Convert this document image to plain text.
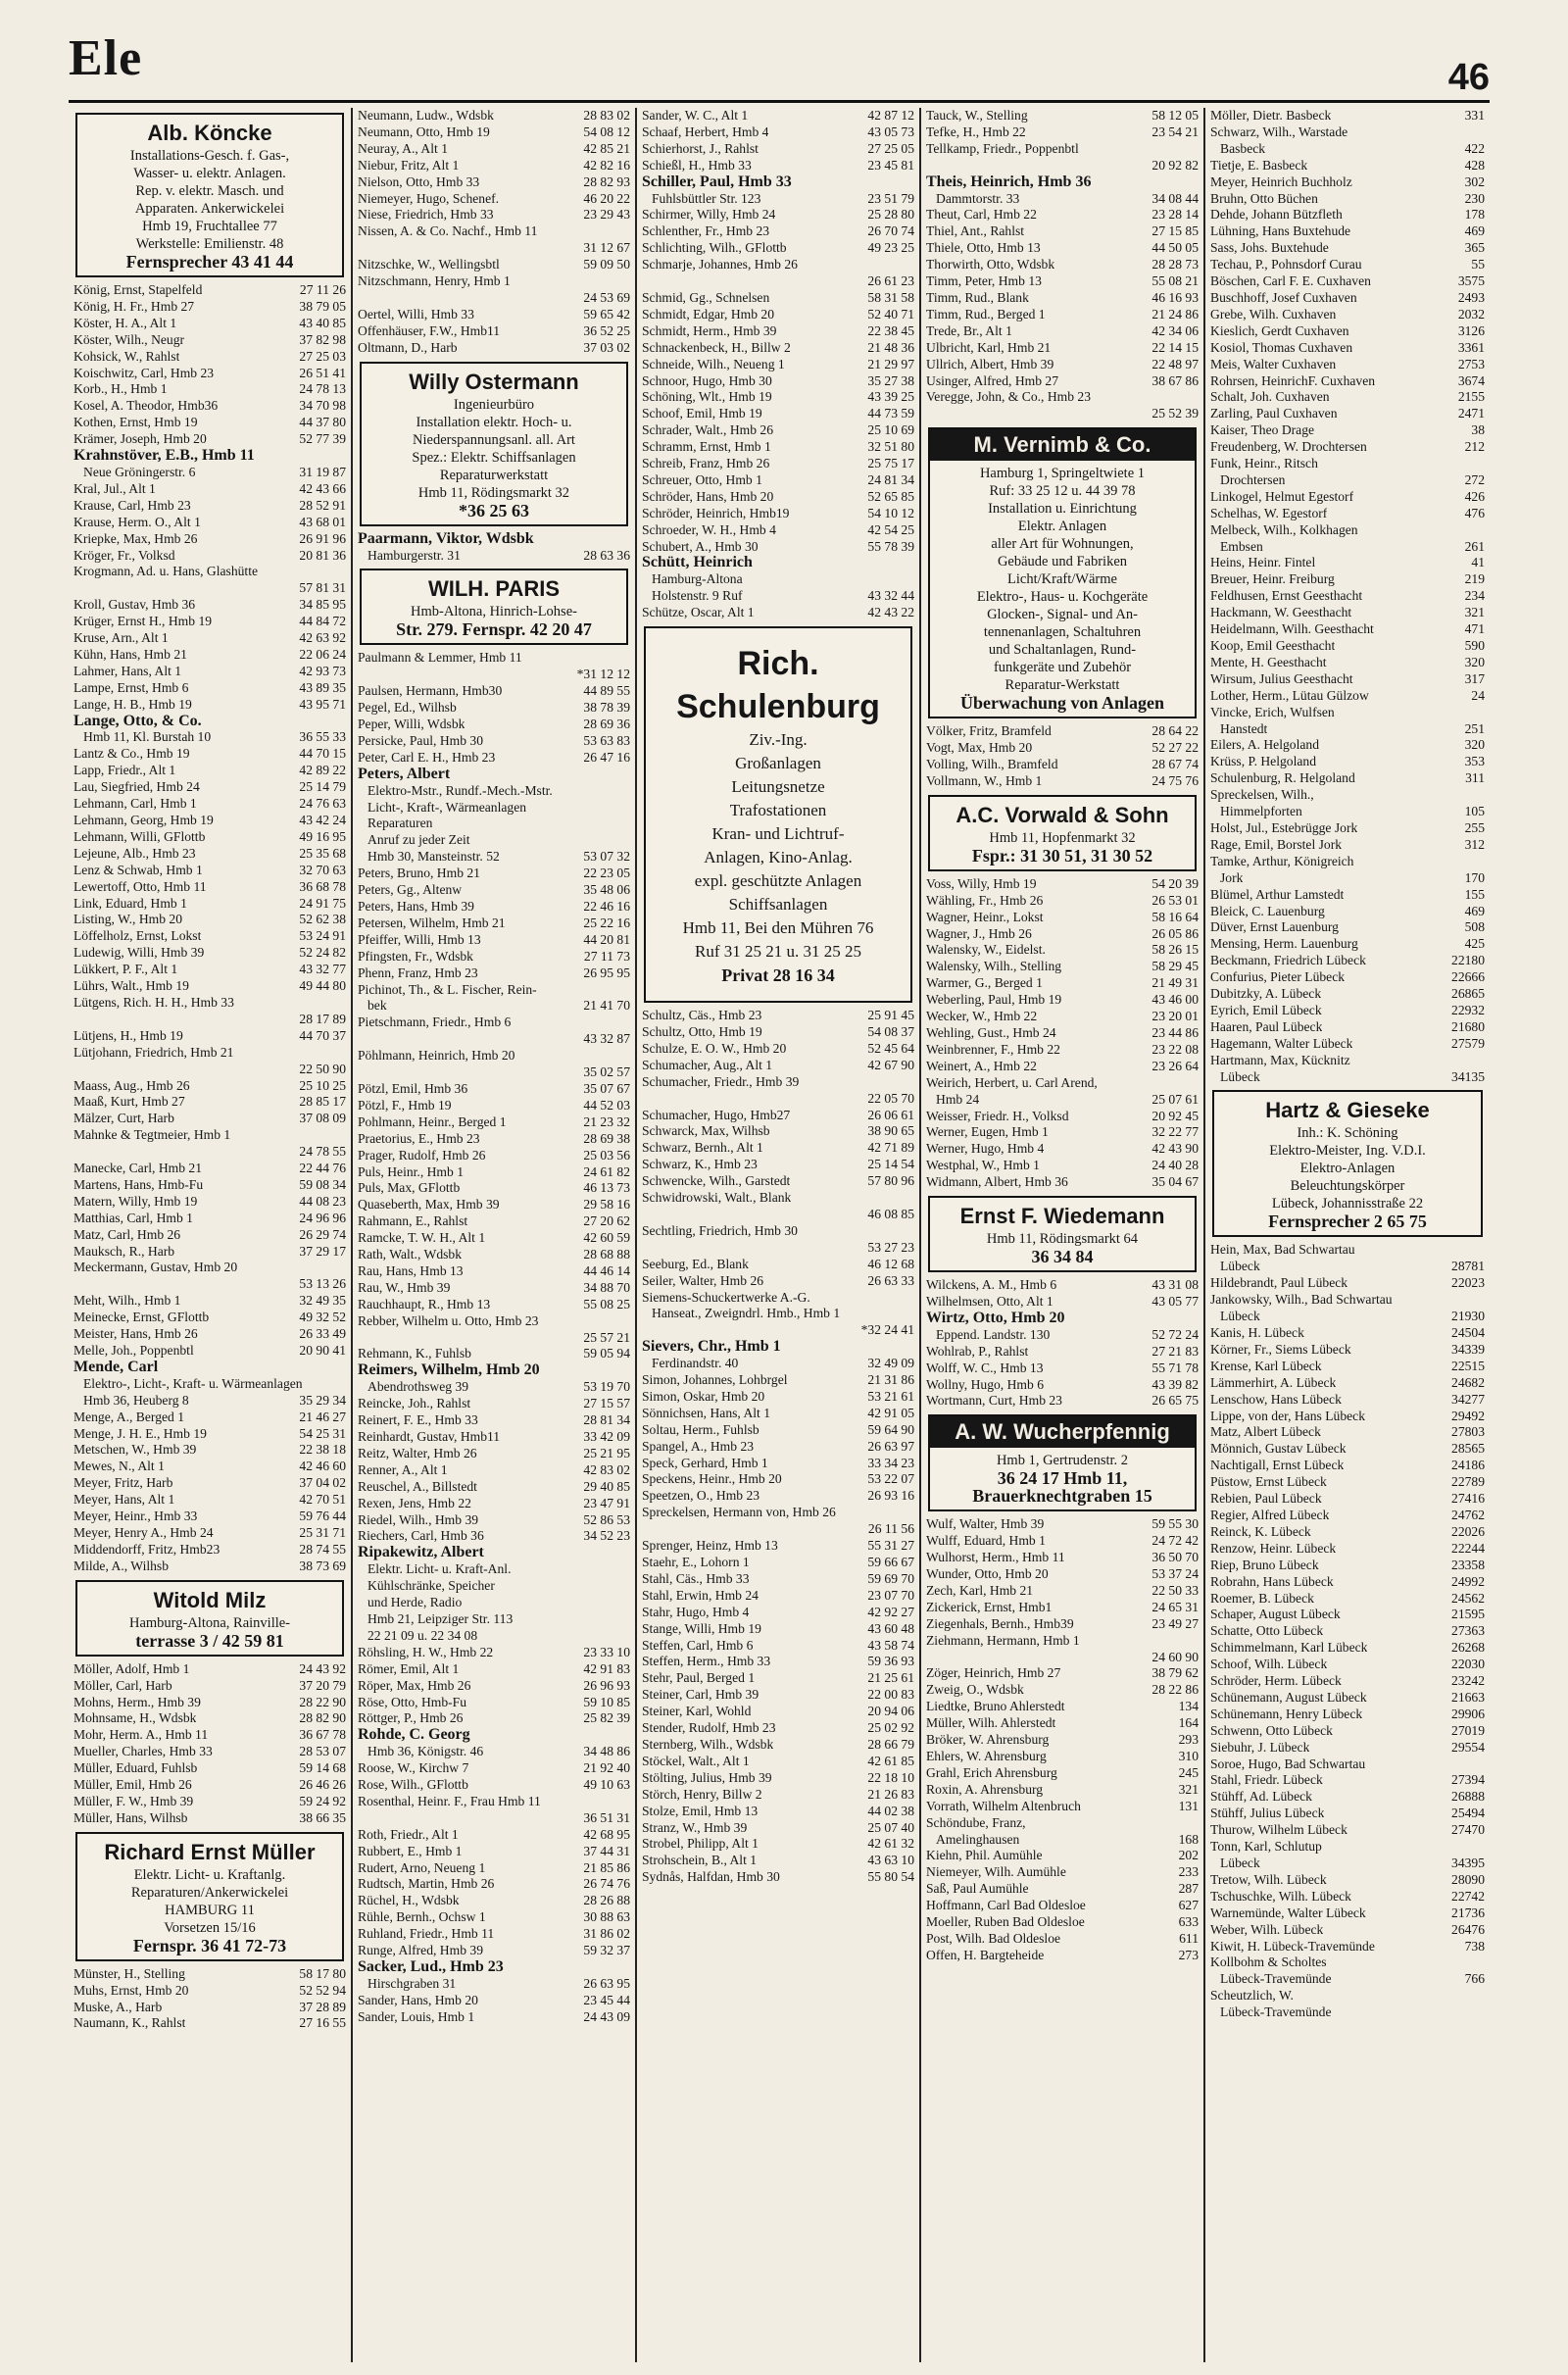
Ele	46
Alb. Köncke
Installations-Gesch. f. Gas-,
Wasser- u. elektr. Anlagen.
Rep. v. elektr. Masch. und
Apparaten. Ankerwickelei
Hmb 19, Fruchtallee 77
Werkstelle: Emilienstr. 48
Fernsprecher 43 41 44
König, Ernst, Stapelfeld	27 11 26
König, H. Fr., Hmb 27	38 79 05
Köster, H. A., Alt 1	43 40 85
Köster, Wilh., Neugr	37 82 98
Kohsick, W., Rahlst	27 25 03
Koischwitz, Carl, Hmb 23	26 51 41
Korb., H., Hmb 1	24 78 13
Kosel, A. Theodor, Hmb36	34 70 98
Kothen, Ernst, Hmb 19	44 37 80
Krämer, Joseph, Hmb 20	52 77 39
Krahnstöver, E.B., Hmb 11
Neue Gröningerstr. 6	31 19 87
Kral, Jul., Alt 1	42 43 66
Krause, Carl, Hmb 23	28 52 91
Krause, Herm. O., Alt 1	43 68 01
Kriepke, Max, Hmb 26	26 91 96
Kröger, Fr., Volksd	20 81 36
Krogmann, Ad. u. Hans, Glashütte
57 81 31
Kroll, Gustav, Hmb 36	34 85 95
Krüger, Ernst H., Hmb 19	44 84 72
Kruse, Arn., Alt 1	42 63 92
Kühn, Hans, Hmb 21	22 06 24
Lahmer, Hans, Alt 1	42 93 73
Lampe, Ernst, Hmb 6	43 89 35
Lange, H. B., Hmb 19	43 95 71
Lange, Otto, & Co.
Hmb 11, Kl. Burstah 10	36 55 33
Lantz & Co., Hmb 19	44 70 15
Lapp, Friedr., Alt 1	42 89 22
Lau, Siegfried, Hmb 24	25 14 79
Lehmann, Carl, Hmb 1	24 76 63
Lehmann, Georg, Hmb 19	43 42 24
Lehmann, Willi, GFlottb	49 16 95
Lejeune, Alb., Hmb 23	25 35 68
Lenz & Schwab, Hmb 1	32 70 63
Lewertoff, Otto, Hmb 11	36 68 78
Link, Eduard, Hmb 1	24 91 75
Listing, W., Hmb 20	52 62 38
Löffelholz, Ernst, Lokst	53 24 91
Ludewig, Willi, Hmb 39	52 24 82
Lükkert, P. F., Alt 1	43 32 77
Lührs, Walt., Hmb 19	49 44 80
Lütgens, Rich. H. H., Hmb 33
28 17 89
Lütjens, H., Hmb 19	44 70 37
Lütjohann, Friedrich, Hmb 21
22 50 90
Maass, Aug., Hmb 26	25 10 25
Maaß, Kurt, Hmb 27	28 85 17
Mälzer, Curt, Harb	37 08 09
Mahnke & Tegtmeier, Hmb 1
24 78 55
Manecke, Carl, Hmb 21	22 44 76
Martens, Hans, Hmb-Fu	59 08 34
Matern, Willy, Hmb 19	44 08 23
Matthias, Carl, Hmb 1	24 96 96
Matz, Carl, Hmb 26	26 29 74
Mauksch, R., Harb	37 29 17
Meckermann, Gustav, Hmb 20
53 13 26
Meht, Wilh., Hmb 1	32 49 35
Meinecke, Ernst, GFlottb	49 32 52
Meister, Hans, Hmb 26	26 33 49
Melle, Joh., Poppenbtl	20 90 41
Mende, Carl
Elektro-, Licht-, Kraft- u. Wärmeanlagen
Hmb 36, Heuberg 8	35 29 34
Menge, A., Berged 1	21 46 27
Menge, J. H. E., Hmb 19	54 25 31
Metschen, W., Hmb 39	22 38 18
Mewes, N., Alt 1	42 46 60
Meyer, Fritz, Harb	37 04 02
Meyer, Hans, Alt 1	42 70 51
Meyer, Heinr., Hmb 33	59 76 44
Meyer, Henry A., Hmb 24	25 31 71
Middendorff, Fritz, Hmb23	28 74 55
Milde, A., Wilhsb	38 73 69
Witold Milz
Hamburg-Altona, Rainville-
terrasse 3 / 42 59 81
Möller, Adolf, Hmb 1	24 43 92
Möller, Carl, Harb	37 20 79
Mohns, Herm., Hmb 39	28 22 90
Mohnsame, H., Wdsbk	28 82 90
Mohr, Herm. A., Hmb 11	36 67 78
Mueller, Charles, Hmb 33	28 53 07
Müller, Eduard, Fuhlsb	59 14 68
Müller, Emil, Hmb 26	26 46 26
Müller, F. W., Hmb 39	59 24 92
Müller, Hans, Wilhsb	38 66 35
Richard Ernst Müller
Elektr. Licht- u. Kraftanlg.
Reparaturen/Ankerwickelei
HAMBURG 11
Vorsetzen 15/16
Fernspr. 36 41 72-73
Münster, H., Stelling	58 17 80
Muhs, Ernst, Hmb 20	52 52 94
Muske, A., Harb	37 28 89
Naumann, K., Rahlst	27 16 55
Neumann, Ludw., Wdsbk	28 83 02
Neumann, Otto, Hmb 19	54 08 12
Neuray, A., Alt 1	42 85 21
Niebur, Fritz, Alt 1	42 82 16
Nielson, Otto, Hmb 33	28 82 93
Niemeyer, Hugo, Schenef.	46 20 22
Niese, Friedrich, Hmb 33	23 29 43
Nissen, A. & Co. Nachf., Hmb 11
31 12 67
Nitzschke, W., Wellingsbtl	59 09 50
Nitzschmann, Henry, Hmb 1
24 53 69
Oertel, Willi, Hmb 33	59 65 42
Offenhäuser, F.W., Hmb11	36 52 25
Oltmann, D., Harb	37 03 02
Willy Ostermann
Ingenieurbüro
Installation elektr. Hoch- u.
Niederspannungsanl. all. Art
Spez.: Elektr. Schiffsanlagen
Reparaturwerkstatt
Hmb 11, Rödingsmarkt 32
*36 25 63
Paarmann, Viktor, Wdsbk
Hamburgerstr. 31	28 63 36
WILH. PARIS
Hmb-Altona, Hinrich-Lohse-
Str. 279. Fernspr. 42 20 47
Paulmann & Lemmer, Hmb 11
*31 12 12
Paulsen, Hermann, Hmb30	44 89 55
Pegel, Ed., Wilhsb	38 78 39
Peper, Willi, Wdsbk	28 69 36
Persicke, Paul, Hmb 30	53 63 83
Peter, Carl E. H., Hmb 23	26 47 16
Peters, Albert
Elektro-Mstr., Rundf.-Mech.-Mstr.
Licht-, Kraft-, Wärmeanlagen
Reparaturen
Anruf zu jeder Zeit
Hmb 30, Mansteinstr. 52	53 07 32
Peters, Bruno, Hmb 21	22 23 05
Peters, Gg., Altenw	35 48 06
Peters, Hans, Hmb 39	22 46 16
Petersen, Wilhelm, Hmb 21	25 22 16
Pfeiffer, Willi, Hmb 13	44 20 81
Pfingsten, Fr., Wdsbk	27 11 73
Phenn, Franz, Hmb 23	26 95 95
Pichinot, Th., & L. Fischer, Rein-
bek	21 41 70
Pietschmann, Friedr., Hmb 6
43 32 87
Pöhlmann, Heinrich, Hmb 20
35 02 57
Pötzl, Emil, Hmb 36	35 07 67
Pötzl, F., Hmb 19	44 52 03
Pohlmann, Heinr., Berged 1	21 23 32
Praetorius, E., Hmb 23	28 69 38
Prager, Rudolf, Hmb 26	25 03 56
Puls, Heinr., Hmb 1	24 61 82
Puls, Max, GFlottb	46 13 73
Quaseberth, Max, Hmb 39	29 58 16
Rahmann, E., Rahlst	27 20 62
Ramcke, T. W. H., Alt 1	42 60 59
Rath, Walt., Wdsbk	28 68 88
Rau, Hans, Hmb 13	44 46 14
Rau, W., Hmb 39	34 88 70
Rauchhaupt, R., Hmb 13	55 08 25
Rebber, Wilhelm u. Otto, Hmb 23
25 57 21
Rehmann, K., Fuhlsb	59 05 94
Reimers, Wilhelm, Hmb 20
Abendrothsweg 39	53 19 70
Reincke, Joh., Rahlst	27 15 57
Reinert, F. E., Hmb 33	28 81 34
Reinhardt, Gustav, Hmb11	33 42 09
Reitz, Walter, Hmb 26	25 21 95
Renner, A., Alt 1	42 83 02
Reuschel, A., Billstedt	29 40 85
Rexen, Jens, Hmb 22	23 47 91
Riedel, Wilh., Hmb 39	52 86 53
Riechers, Carl, Hmb 36	34 52 23
Ripakewitz, Albert
Elektr. Licht- u. Kraft-Anl.
Kühlschränke, Speicher
und Herde, Radio
Hmb 21, Leipziger Str. 113
22 21 09 u. 22 34 08
Röhsling, H. W., Hmb 22	23 33 10
Römer, Emil, Alt 1	42 91 83
Röper, Max, Hmb 26	26 96 93
Röse, Otto, Hmb-Fu	59 10 85
Röttger, P., Hmb 26	25 82 39
Rohde, C. Georg
Hmb 36, Königstr. 46	34 48 86
Roose, W., Kirchw 7	21 92 40
Rose, Wilh., GFlottb	49 10 63
Rosenthal, Heinr. F., Frau Hmb 11
36 51 31
Roth, Friedr., Alt 1	42 68 95
Rubbert, E., Hmb 1	37 44 31
Rudert, Arno, Neueng 1	21 85 86
Rudtsch, Martin, Hmb 26	26 74 76
Rüchel, H., Wdsbk	28 26 88
Rühle, Bernh., Ochsw 1	30 88 63
Ruhland, Friedr., Hmb 11	31 86 02
Runge, Alfred, Hmb 39	59 32 37
Sacker, Lud., Hmb 23
Hirschgraben 31	26 63 95
Sander, Hans, Hmb 20	23 45 44
Sander, Louis, Hmb 1	24 43 09
Sander, W. C., Alt 1	42 87 12
Schaaf, Herbert, Hmb 4	43 05 73
Schierhorst, J., Rahlst	27 25 05
Schießl, H., Hmb 33	23 45 81
Schiller, Paul, Hmb 33
Fuhlsbüttler Str. 123	23 51 79
Schirmer, Willy, Hmb 24	25 28 80
Schlenther, Fr., Hmb 23	26 70 74
Schlichting, Wilh., GFlottb	49 23 25
Schmarje, Johannes, Hmb 26
26 61 23
Schmid, Gg., Schnelsen	58 31 58
Schmidt, Edgar, Hmb 20	52 40 71
Schmidt, Herm., Hmb 39	22 38 45
Schnackenbeck, H., Billw 2	21 48 36
Schneide, Wilh., Neueng 1	21 29 97
Schnoor, Hugo, Hmb 30	35 27 38
Schöning, Wlt., Hmb 19	43 39 25
Schoof, Emil, Hmb 19	44 73 59
Schrader, Walt., Hmb 26	25 10 69
Schramm, Ernst, Hmb 1	32 51 80
Schreib, Franz, Hmb 26	25 75 17
Schreuer, Otto, Hmb 1	24 81 34
Schröder, Hans, Hmb 20	52 65 85
Schröder, Heinrich, Hmb19	54 10 12
Schroeder, W. H., Hmb 4	42 54 25
Schubert, A., Hmb 30	55 78 39
Schütt, Heinrich
Hamburg-Altona
Holstenstr. 9 Ruf	43 32 44
Schütze, Oscar, Alt 1	42 43 22
Rich. Schulenburg
Ziv.-Ing.
Großanlagen
Leitungsnetze
Trafostationen
Kran- und Lichtruf-
Anlagen, Kino-Anlag.
expl. geschützte Anlagen
Schiffsanlagen
Hmb 11, Bei den Mühren 76
Ruf 31 25 21 u. 31 25 25
Privat 28 16 34
Schultz, Cäs., Hmb 23	25 91 45
Schultz, Otto, Hmb 19	54 08 37
Schulze, E. O. W., Hmb 20	52 45 64
Schumacher, Aug., Alt 1	42 67 90
Schumacher, Friedr., Hmb 39
22 05 70
Schumacher, Hugo, Hmb27	26 06 61
Schwarck, Max, Wilhsb	38 90 65
Schwarz, Bernh., Alt 1	42 71 89
Schwarz, K., Hmb 23	25 14 54
Schwencke, Wilh., Garstedt	57 80 96
Schwidrowski, Walt., Blank
46 08 85
Sechtling, Friedrich, Hmb 30
53 27 23
Seeburg, Ed., Blank	46 12 68
Seiler, Walter, Hmb 26	26 63 33
Siemens-Schuckertwerke A.-G.
Hanseat., Zweigndrl. Hmb., Hmb 1
*32 24 41
Sievers, Chr., Hmb 1
Ferdinandstr. 40	32 49 09
Simon, Johannes, Lohbrgel	21 31 86
Simon, Oskar, Hmb 20	53 21 61
Sönnichsen, Hans, Alt 1	42 91 05
Soltau, Herm., Fuhlsb	59 64 90
Spangel, A., Hmb 23	26 63 97
Speck, Gerhard, Hmb 1	33 34 23
Speckens, Heinr., Hmb 20	53 22 07
Speetzen, O., Hmb 23	26 93 16
Spreckelsen, Hermann von, Hmb 26
26 11 56
Sprenger, Heinz, Hmb 13	55 31 27
Staehr, E., Lohorn 1	59 66 67
Stahl, Cäs., Hmb 33	59 69 70
Stahl, Erwin, Hmb 24	23 07 70
Stahr, Hugo, Hmb 4	42 92 27
Stange, Willi, Hmb 19	43 60 48
Steffen, Carl, Hmb 6	43 58 74
Steffen, Herm., Hmb 33	59 36 93
Stehr, Paul, Berged 1	21 25 61
Steiner, Carl, Hmb 39	22 00 83
Steiner, Karl, Wohld	20 94 06
Stender, Rudolf, Hmb 23	25 02 92
Sternberg, Wilh., Wdsbk	28 66 79
Stöckel, Walt., Alt 1	42 61 85
Stölting, Julius, Hmb 39	22 18 10
Störch, Henry, Billw 2	21 26 83
Stolze, Emil, Hmb 13	44 02 38
Stranz, W., Hmb 39	25 07 40
Strobel, Philipp, Alt 1	42 61 32
Strohschein, B., Alt 1	43 63 10
Sydnås, Halfdan, Hmb 30	55 80 54
Tauck, W., Stelling	58 12 05
Tefke, H., Hmb 22	23 54 21
Tellkamp, Friedr., Poppenbtl
20 92 82
Theis, Heinrich, Hmb 36
Dammtorstr. 33	34 08 44
Theut, Carl, Hmb 22	23 28 14
Thiel, Ant., Rahlst	27 15 85
Thiele, Otto, Hmb 13	44 50 05
Thorwirth, Otto, Wdsbk	28 28 73
Timm, Peter, Hmb 13	55 08 21
Timm, Rud., Blank	46 16 93
Timm, Rud., Berged 1	21 24 86
Trede, Br., Alt 1	42 34 06
Ulbricht, Karl, Hmb 21	22 14 15
Ullrich, Albert, Hmb 39	22 48 97
Usinger, Alfred, Hmb 27	38 67 86
Veregge, John, & Co., Hmb 23
25 52 39
M. Vernimb & Co.
Hamburg 1, Springeltwiete 1
Ruf: 33 25 12 u. 44 39 78
Installation u. Einrichtung
Elektr. Anlagen
aller Art für Wohnungen,
Gebäude und Fabriken
Licht/Kraft/Wärme
Elektro-, Haus- u. Kochgeräte
Glocken-, Signal- und An-
tennenanlagen, Schaltuhren
und Schaltanlagen, Rund-
funkgeräte und Zubehör
Reparatur-Werkstatt
Überwachung von Anlagen
Völker, Fritz, Bramfeld	28 64 22
Vogt, Max, Hmb 20	52 27 22
Volling, Wilh., Bramfeld	28 67 74
Vollmann, W., Hmb 1	24 75 76
A.C. Vorwald & Sohn
Hmb 11, Hopfenmarkt 32
Fspr.: 31 30 51, 31 30 52
Voss, Willy, Hmb 19	54 20 39
Wähling, Fr., Hmb 26	26 53 01
Wagner, Heinr., Lokst	58 16 64
Wagner, J., Hmb 26	26 05 86
Walensky, W., Eidelst.	58 26 15
Walensky, Wilh., Stelling	58 29 45
Warmer, G., Berged 1	21 49 31
Weberling, Paul, Hmb 19	43 46 00
Wecker, W., Hmb 22	23 20 01
Wehling, Gust., Hmb 24	23 44 86
Weinbrenner, F., Hmb 22	23 22 08
Weinert, A., Hmb 22	23 26 64
Weirich, Herbert, u. Carl Arend,
Hmb 24	25 07 61
Weisser, Friedr. H., Volksd	20 92 45
Werner, Eugen, Hmb 1	32 22 77
Werner, Hugo, Hmb 4	42 43 90
Westphal, W., Hmb 1	24 40 28
Widmann, Albert, Hmb 36	35 04 67
Ernst F. Wiedemann
Hmb 11, Rödingsmarkt 64
36 34 84
Wilckens, A. M., Hmb 6	43 31 08
Wilhelmsen, Otto, Alt 1	43 05 77
Wirtz, Otto, Hmb 20
Eppend. Landstr. 130	52 72 24
Wohlrab, P., Rahlst	27 21 83
Wolff, W. C., Hmb 13	55 71 78
Wollny, Hugo, Hmb 6	43 39 82
Wortmann, Curt, Hmb 23	26 65 75
A. W. Wucherpfennig
Hmb 1, Gertrudenstr. 2
36 24 17 Hmb 11, Brauerknechtgraben 15
Wulf, Walter, Hmb 39	59 55 30
Wulff, Eduard, Hmb 1	24 72 42
Wulhorst, Herm., Hmb 11	36 50 70
Wunder, Otto, Hmb 20	53 37 24
Zech, Karl, Hmb 21	22 50 33
Zickerick, Ernst, Hmb1	24 65 31
Ziegenhals, Bernh., Hmb39	23 49 27
Ziehmann, Hermann, Hmb 1
24 60 90
Zöger, Heinrich, Hmb 27	38 79 62
Zweig, O., Wdsbk	28 22 86
Liedtke, Bruno Ahlerstedt	134
Müller, Wilh. Ahlerstedt	164
Bröker, W. Ahrensburg	293
Ehlers, W. Ahrensburg	310
Grahl, Erich Ahrensburg	245
Roxin, A. Ahrensburg	321
Vorrath, Wilhelm Altenbruch	131
Schöndube, Franz,
Amelinghausen	168
Kiehn, Phil. Aumühle	202
Niemeyer, Wilh. Aumühle	233
Saß, Paul Aumühle	287
Hoffmann, Carl Bad Oldesloe	627
Moeller, Ruben Bad Oldesloe	633
Post, Wilh. Bad Oldesloe	611
Offen, H. Bargteheide	273
Möller, Dietr. Basbeck	331
Schwarz, Wilh., Warstade
Basbeck	422
Tietje, E. Basbeck	428
Meyer, Heinrich Buchholz	302
Bruhn, Otto Büchen	230
Dehde, Johann Bützfleth	178
Lühning, Hans Buxtehude	469
Sass, Johs. Buxtehude	365
Techau, P., Pohnsdorf Curau	55
Böschen, Carl F. E. Cuxhaven	3575
Buschhoff, Josef Cuxhaven	2493
Grebe, Wilh. Cuxhaven	2032
Kieslich, Gerdt Cuxhaven	3126
Kosiol, Thomas Cuxhaven	3361
Meis, Walter Cuxhaven	2753
Rohrsen, HeinrichF. Cuxhaven	3674
Schalt, Joh. Cuxhaven	2155
Zarling, Paul Cuxhaven	2471
Kaiser, Theo Drage	38
Freudenberg, W. Drochtersen	212
Funk, Heinr., Ritsch
Drochtersen	272
Linkogel, Helmut Egestorf	426
Schelhas, W. Egestorf	476
Melbeck, Wilh., Kolkhagen
Embsen	261
Heins, Heinr. Fintel	41
Breuer, Heinr. Freiburg	219
Feldhusen, Ernst Geesthacht	234
Hackmann, W. Geesthacht	321
Heidelmann, Wilh. Geesthacht	471
Koop, Emil Geesthacht	590
Mente, H. Geesthacht	320
Wirsum, Julius Geesthacht	317
Lother, Herm., Lütau Gülzow	24
Vincke, Erich, Wulfsen
Hanstedt	251
Eilers, A. Helgoland	320
Krüss, P. Helgoland	353
Schulenburg, R. Helgoland	311
Spreckelsen, Wilh.,
Himmelpforten	105
Holst, Jul., Estebrügge Jork	255
Rage, Emil, Borstel Jork	312
Tamke, Arthur, Königreich
Jork	170
Blümel, Arthur Lamstedt	155
Bleick, C. Lauenburg	469
Düver, Ernst Lauenburg	508
Mensing, Herm. Lauenburg	425
Beckmann, Friedrich Lübeck	22180
Confurius, Pieter Lübeck	22666
Dubitzky, A. Lübeck	26865
Eyrich, Emil Lübeck	22932
Haaren, Paul Lübeck	21680
Hagemann, Walter Lübeck	27579
Hartmann, Max, Kücknitz
Lübeck	34135
Hartz & Gieseke
Inh.: K. Schöning
Elektro-Meister, Ing. V.D.I.
Elektro-Anlagen
Beleuchtungskörper
Lübeck, Johannisstraße 22
Fernsprecher 2 65 75
Hein, Max, Bad Schwartau
Lübeck	28781
Hildebrandt, Paul Lübeck	22023
Jankowsky, Wilh., Bad Schwartau
Lübeck	21930
Kanis, H. Lübeck	24504
Körner, Fr., Siems Lübeck	34339
Krense, Karl Lübeck	22515
Lämmerhirt, A. Lübeck	24682
Lenschow, Hans Lübeck	34277
Lippe, von der, Hans Lübeck	29492
Matz, Albert Lübeck	27803
Mönnich, Gustav Lübeck	28565
Nachtigall, Ernst Lübeck	24186
Püstow, Ernst Lübeck	22789
Rebien, Paul Lübeck	27416
Regier, Alfred Lübeck	24762
Reinck, K. Lübeck	22026
Renzow, Heinr. Lübeck	22244
Riep, Bruno Lübeck	23358
Robrahn, Hans Lübeck	24992
Roemer, B. Lübeck	24562
Schaper, August Lübeck	21595
Schatte, Otto Lübeck	27363
Schimmelmann, Karl Lübeck	26268
Schoof, Wilh. Lübeck	22030
Schröder, Herm. Lübeck	23242
Schünemann, August Lübeck	21663
Schünemann, Henry Lübeck	29906
Schwenn, Otto Lübeck	27019
Siebuhr, J. Lübeck	29554
Soroe, Hugo, Bad Schwartau
Stahl, Friedr. Lübeck	27394
Stühff, Ad. Lübeck	26888
Stühff, Julius Lübeck	25494
Thurow, Wilhelm Lübeck	27470
Tonn, Karl, Schlutup
Lübeck	34395
Tretow, Wilh. Lübeck	28090
Tschuschke, Wilh. Lübeck	22742
Warnemünde, Walter Lübeck	21736
Weber, Wilh. Lübeck	26476
Kiwit, H. Lübeck-Travemünde	738
Kollbohm & Scholtes
Lübeck-Travemünde	766
Scheutzlich, W.
Lübeck-Travemünde
